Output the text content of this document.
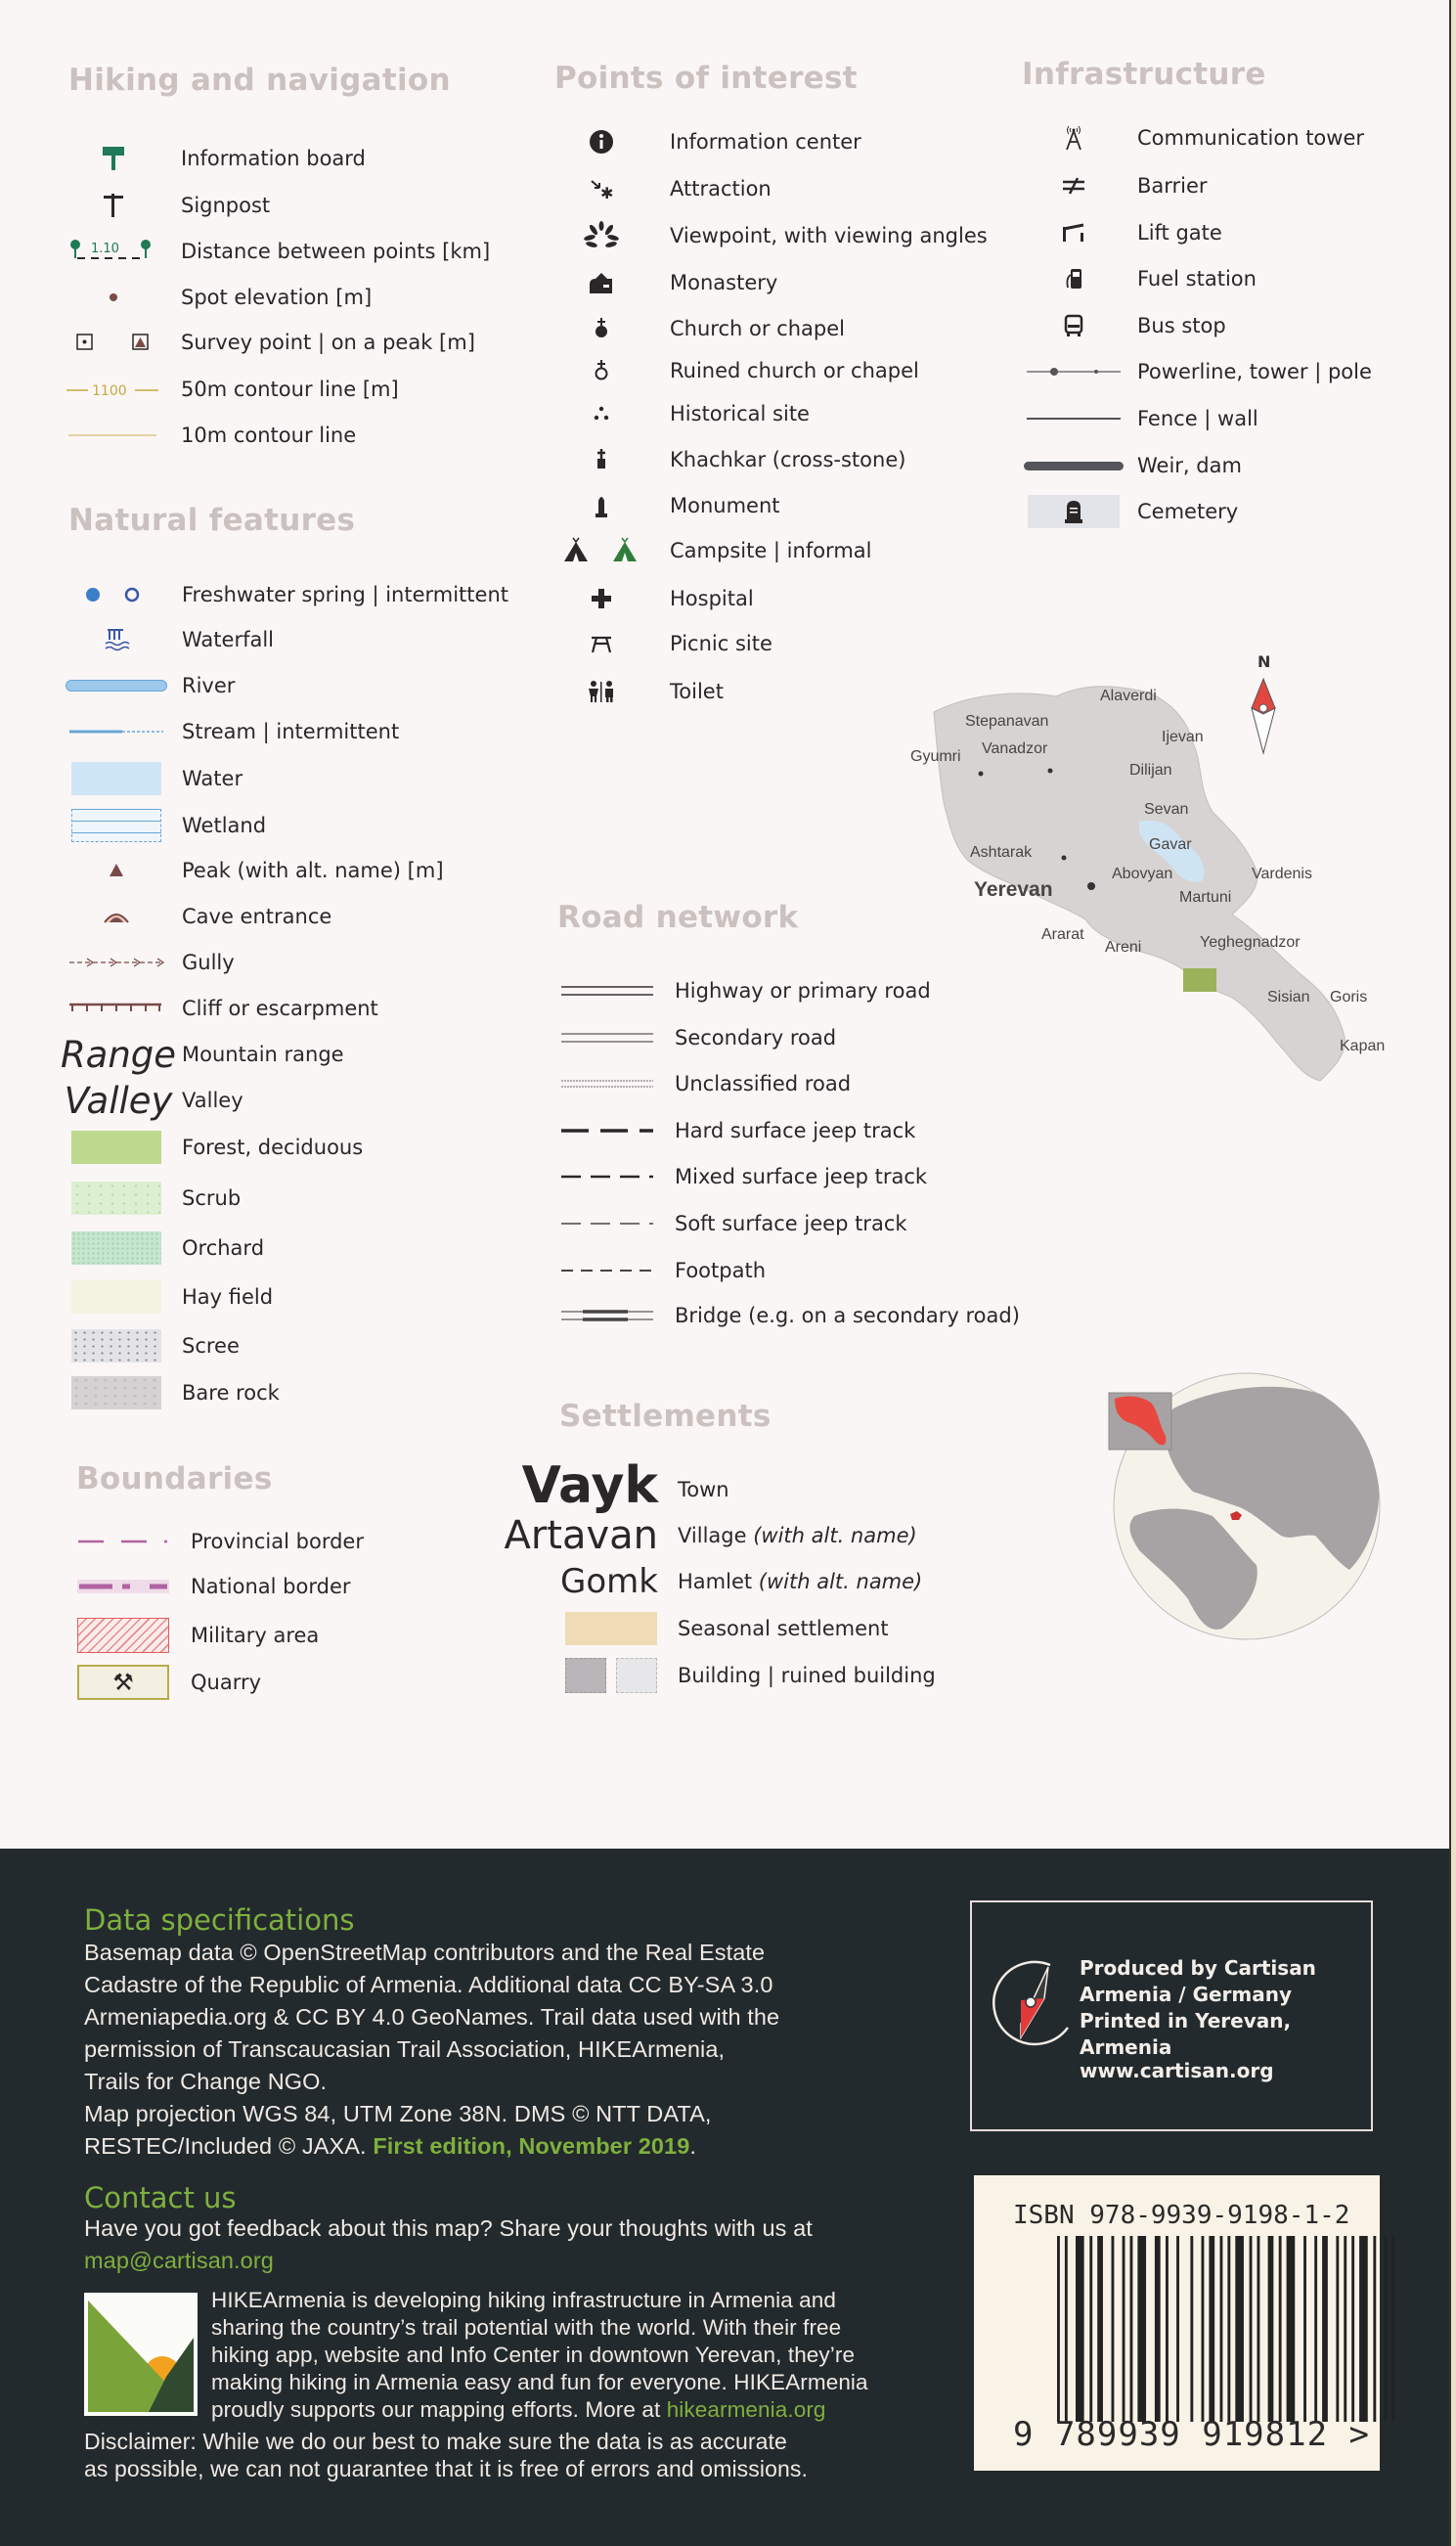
Hiking and navigation
Information board
Signpost
1.10	Distance between points [km]
Spot elevation [m]
Survey point | on a peak [m]
1100	50m contour line [m]
10m contour line
Natural features
Freshwater spring | intermittent
Waterfall
River
Stream | intermittent
Water
Wetland
Peak (with alt. name) [m]
Cave entrance
Gully
Cliff or escarpment
Range Mountain range
Valley Valley
Forest, deciduous
Scrub
Orchard
Hay field
Scree
Bare rock
Boundaries
Provincial border
National border
Military area
⚒	Quarry
Points of interest
Information center
✱	Attraction
Viewpoint, with viewing angles
Monastery
Church or chapel
Ruined church or chapel
Historical site
Khachkar (cross-stone)
Monument
Campsite | informal
Hospital
Picnic site
Toilet
Infrastructure
Communication tower
Barrier
Lift gate
Fuel station
Bus stop
Powerline, tower | pole
Fence | wall
Weir, dam
Cemetery
Road network
Highway or primary road
Secondary road
Unclassified road
Hard surface jeep track
Mixed surface jeep track
Soft surface jeep track
Footpath
Bridge (e.g. on a secondary road)
Settlements
Vayk Town
Artavan Village (with alt. name)
Gomk Hamlet (with alt. name)
Seasonal settlement
Building | ruined building
Alaverdi
Stepanavan
Ijevan
Gyumri Vanadzor
Dilijan
Sevan
Gavar
Ashtarak
Abovyan	Vardenis
Yerevan	Martuni
Ararat
Areni	Yeghegnadzor
Sisian Goris
Kapan
N
Data specifications
Basemap data © OpenStreetMap contributors and the Real Estate
Cadastre of the Republic of Armenia. Additional data CC BY-SA 3.0
Armeniapedia.org & CC BY 4.0 GeoNames. Trail data used with the
permission of Transcaucasian Trail Association, HIKEArmenia,
Trails for Change NGO.
Map projection WGS 84, UTM Zone 38N. DMS © NTT DATA,
RESTEC/Included © JAXA. First edition, November 2019.
Contact us
Have you got feedback about this map? Share your thoughts with us at
map@cartisan.org
HIKEArmenia is developing hiking infrastructure in Armenia and
sharing the country’s trail potential with the world. With their free
hiking app, website and Info Center in downtown Yerevan, they’re
making hiking in Armenia easy and fun for everyone. HIKEArmenia
proudly supports our mapping efforts. More at hikearmenia.org
Disclaimer: While we do our best to make sure the data is as accurate
as possible, we can not guarantee that it is free of errors and omissions.
Produced by Cartisan
Armenia / Germany
Printed in Yerevan, Armenia
www.cartisan.org
ISBN 978-9939-9198-1-2
9 789939 919812 >
